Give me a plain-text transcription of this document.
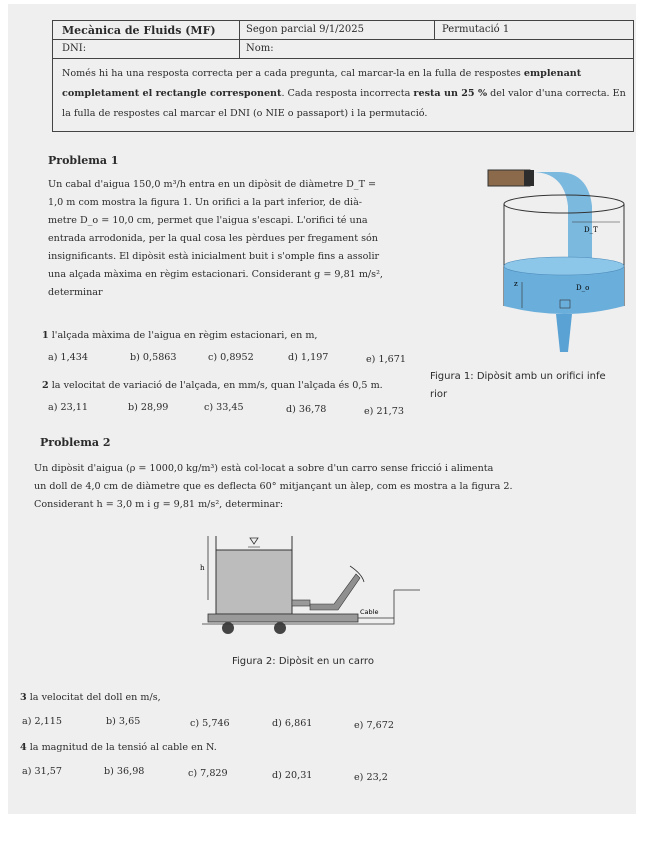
Mecànica de Fluids (MF)	Segon parcial 9/1/2025	Permutació 1
DNI:	Nom:
Només hi ha una resposta correcta per a cada pregunta, cal marcar-la en la fulla de respostes emplenant completament el rectangle corresponent. Cada resposta incorrecta resta un 25 % del valor d'una correcta. En la fulla de respostes cal marcar el DNI (o NIE o passaport) i la permutació.
Problema 1
Un cabal d'aigua 150,0 m³/h entra en un dipòsit de diàmetre D_T =
1,0 m com mostra la figura 1. Un orifici a la part inferior, de dià-
metre D_o = 10,0 cm, permet que l'aigua s'escapi. L'orifici té una
entrada arrodonida, per la qual cosa les pèrdues per fregament són
insignificants. El dipòsit està inicialment buit i s'omple fins a assolir
una alçada màxima en règim estacionari. Considerant g = 9,81 m/s²,
determinar
D_T
z	D_o
Figura 1: Dipòsit amb un orifici infe
rior
1 l'alçada màxima de l'aigua en règim estacionari, en m,
a) 1,434	b) 0,5863	c) 0,8952	d) 1,197	e) 1,671
2 la velocitat de variació de l'alçada, en mm/s, quan l'alçada és 0,5 m.
a) 23,11	b) 28,99	c) 33,45	d) 36,78	e) 21,73
Problema 2
Un dipòsit d'aigua (ρ = 1000,0 kg/m³) està col·locat a sobre d'un carro sense fricció i alimenta
un doll de 4,0 cm de diàmetre que es deflecta 60° mitjançant un àlep, com es mostra a la figura 2.
Considerant h = 3,0 m i g = 9,81 m/s², determinar:
h
Cable
Figura 2: Dipòsit en un carro
3 la velocitat del doll en m/s,
a) 2,115	b) 3,65	c) 5,746	d) 6,861	e) 7,672
4 la magnitud de la tensió al cable en N.
a) 31,57	b) 36,98	c) 7,829	d) 20,31	e) 23,2
